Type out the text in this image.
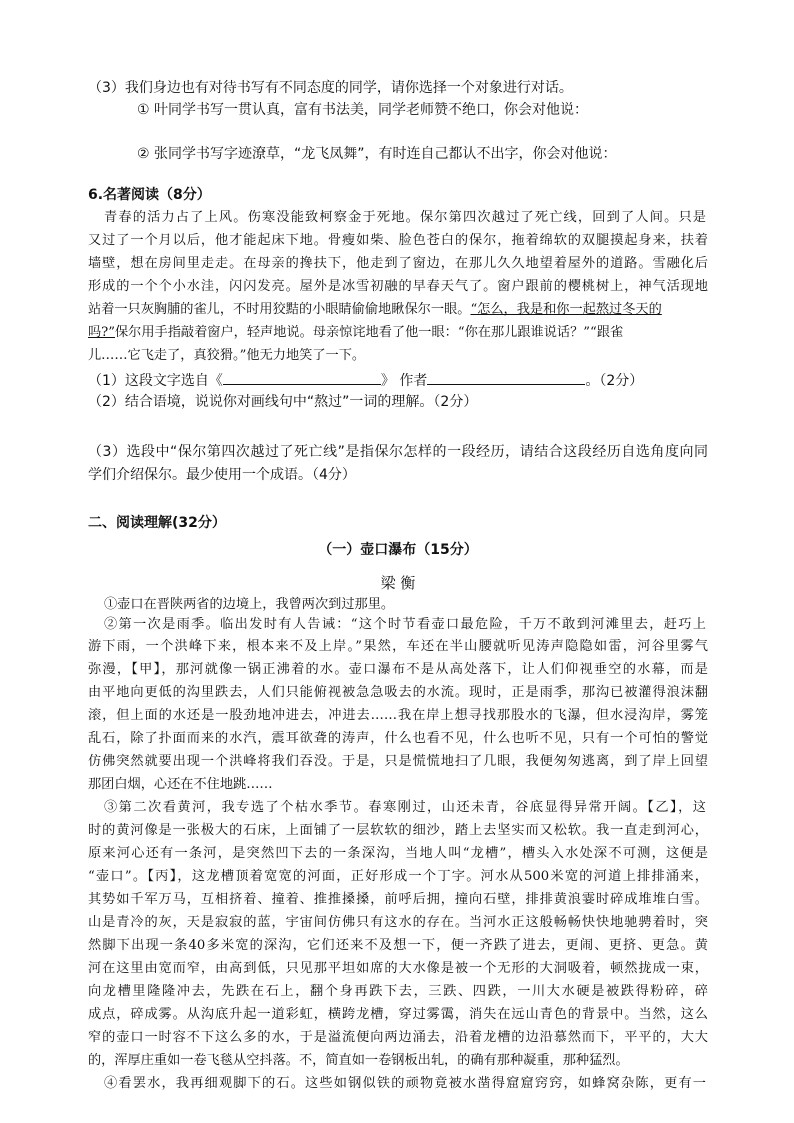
（3）我们身边也有对待书写有不同态度的同学，请你选择一个对象进行对话。
① 叶同学书写一贯认真，富有书法美，同学老师赞不绝口，你会对他说：
② 张同学书写字迹潦草，“龙飞凤舞”，有时连自己都认不出字，你会对他说：
6.名著阅读（8分）
青春的活力占了上风。伤寒没能致柯察金于死地。保尔第四次越过了死亡线，回到了人间。只是
又过了一个月以后，他才能起床下地。骨瘦如柴、脸色苍白的保尔，拖着绵软的双腿摸起身来，扶着
墙壁，想在房间里走走。在母亲的搀扶下，他走到了窗边，在那儿久久地望着屋外的道路。雪融化后
形成的一个个小水洼，闪闪发亮。屋外是冰雪初融的早春天气了。窗户跟前的樱桃树上，神气活现地
站着一只灰胸脯的雀儿，不时用狡黠的小眼睛偷偷地瞅保尔一眼。“怎么，我是和你一起熬过冬天的
吗?”保尔用手指敲着窗户，轻声地说。母亲惊诧地看了他一眼：“你在那儿跟谁说话？”“跟雀
儿……它飞走了，真狡猾。”他无力地笑了一下。
（1）这段文字选自《	》 作者	。（2分）
（2）结合语境，说说你对画线句中“熬过”一词的理解。（2分）
（3）选段中“保尔第四次越过了死亡线”是指保尔怎样的一段经历，请结合这段经历自选角度向同
学们介绍保尔。最少使用一个成语。（4分）
二、阅读理解(32分）
（一）壶口瀑布（15分）
梁 衡
①壶口在晋陕两省的边境上，我曾两次到过那里。
②第一次是雨季。临出发时有人告诫：“这个时节看壶口最危险，千万不敢到河滩里去，赶巧上
游下雨，一个洪峰下来，根本来不及上岸。”果然，车还在半山腰就听见涛声隐隐如雷，河谷里雾气
弥漫，【甲】，那河就像一锅正沸着的水。壶口瀑布不是从高处落下，让人们仰视垂空的水幕，而是
由平地向更低的沟里跌去，人们只能俯视被急急吸去的水流。现时，正是雨季，那沟已被灌得浪沫翻
滚，但上面的水还是一股劲地冲进去，冲进去……我在岸上想寻找那股水的飞瀑，但水浸沟岸，雾笼
乱石，除了扑面而来的水汽，震耳欲聋的涛声，什么也看不见，什么也听不见，只有一个可怕的警觉
仿佛突然就要出现一个洪峰将我们吞没。于是，只是慌慌地扫了几眼，我便匆匆逃离，到了岸上回望
那团白烟，心还在不住地跳……
③第二次看黄河，我专选了个枯水季节。春寒刚过，山还未青，谷底显得异常开阔。【乙】，这
时的黄河像是一张极大的石床，上面铺了一层软软的细沙，踏上去坚实而又松软。我一直走到河心，
原来河心还有一条河，是突然凹下去的一条深沟，当地人叫“龙槽”，槽头入水处深不可测，这便是
“壶口”。【丙】，这龙槽顶着宽宽的河面，正好形成一个丁字。河水从500米宽的河道上排排涌来，
其势如千军万马，互相挤着、撞着、推推搡搡，前呼后拥，撞向石壁，排排黄浪霎时碎成堆堆白雪。
山是青冷的灰，天是寂寂的蓝，宇宙间仿佛只有这水的存在。当河水正这般畅畅快快地驰骋着时，突
然脚下出现一条40多米宽的深沟，它们还来不及想一下，便一齐跌了进去，更闹、更挤、更急。黄
河在这里由宽而窄，由高到低，只见那平坦如席的大水像是被一个无形的大洞吸着，顿然拢成一束，
向龙槽里隆隆冲去，先跌在石上，翻个身再跌下去，三跌、四跌，一川大水硬是被跌得粉碎，碎
成点，碎成雾。从沟底升起一道彩虹，横跨龙槽，穿过雾霭，消失在远山青色的背景中。当然，这么
窄的壶口一时容不下这么多的水，于是溢流便向两边涌去，沿着龙槽的边沿慕然而下，平平的，大大
的，浑厚庄重如一卷飞毯从空抖落。不，简直如一卷钢板出轧，的确有那种凝重，那种猛烈。
④看罢水，我再细观脚下的石。这些如钢似铁的顽物竟被水凿得窟窟窍窍，如蜂窝杂陈，更有一
